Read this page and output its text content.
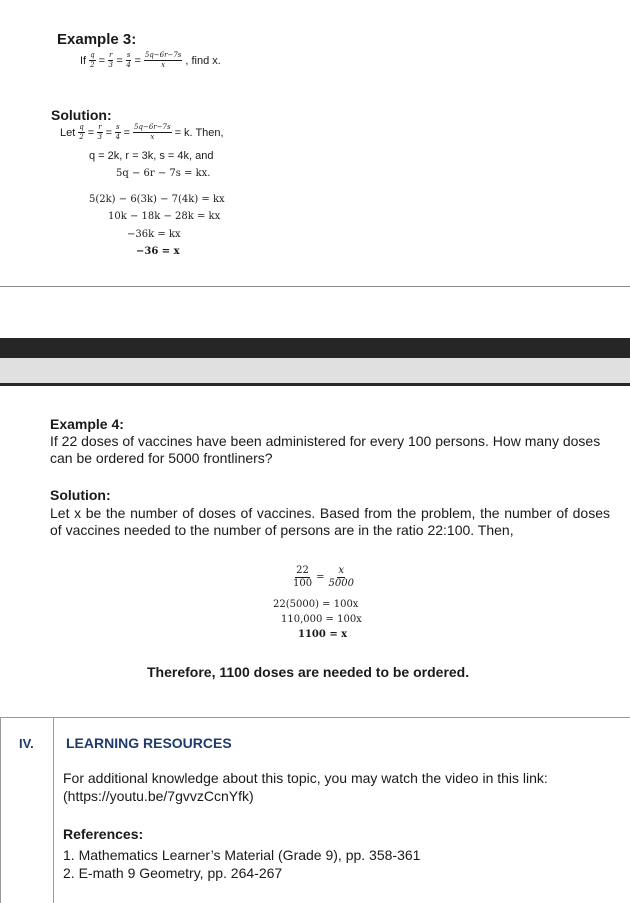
Example 3:
If $\frac{q}{2} = \frac{r}{3} = \frac{s}{4} = \frac{5q-6r-7s}{x}$ , find x.
Solution:
Let $\frac{q}{2} = \frac{r}{3} = \frac{s}{4} = \frac{5q-6r-7s}{x} = k$. Then,
q = 2k, r = 3k, s = 4k, and
5q − 6r − 7s = kx.
5(2k) − 6(3k) − 7(4k) = kx
10k − 18k − 28k = kx
−36k = kx
−36 = x
Example 4:
If 22 doses of vaccines have been administered for every 100 persons. How many doses can be ordered for 5000 frontliners?
Solution:
Let x be the number of doses of vaccines. Based from the problem, the number of doses of vaccines needed to the number of persons are in the ratio 22:100. Then,
$\frac{22}{100} = \frac{x}{5000}$
22(5000) = 100x
110,000 = 100x
1100 = x
Therefore, 1100 doses are needed to be ordered.
IV. LEARNING RESOURCES
For additional knowledge about this topic, you may watch the video in this link: (https://youtu.be/7gvvzCcnYfk)
References:
1. Mathematics Learner’s Material (Grade 9), pp. 358-361
2. E-math 9 Geometry, pp. 264-267
